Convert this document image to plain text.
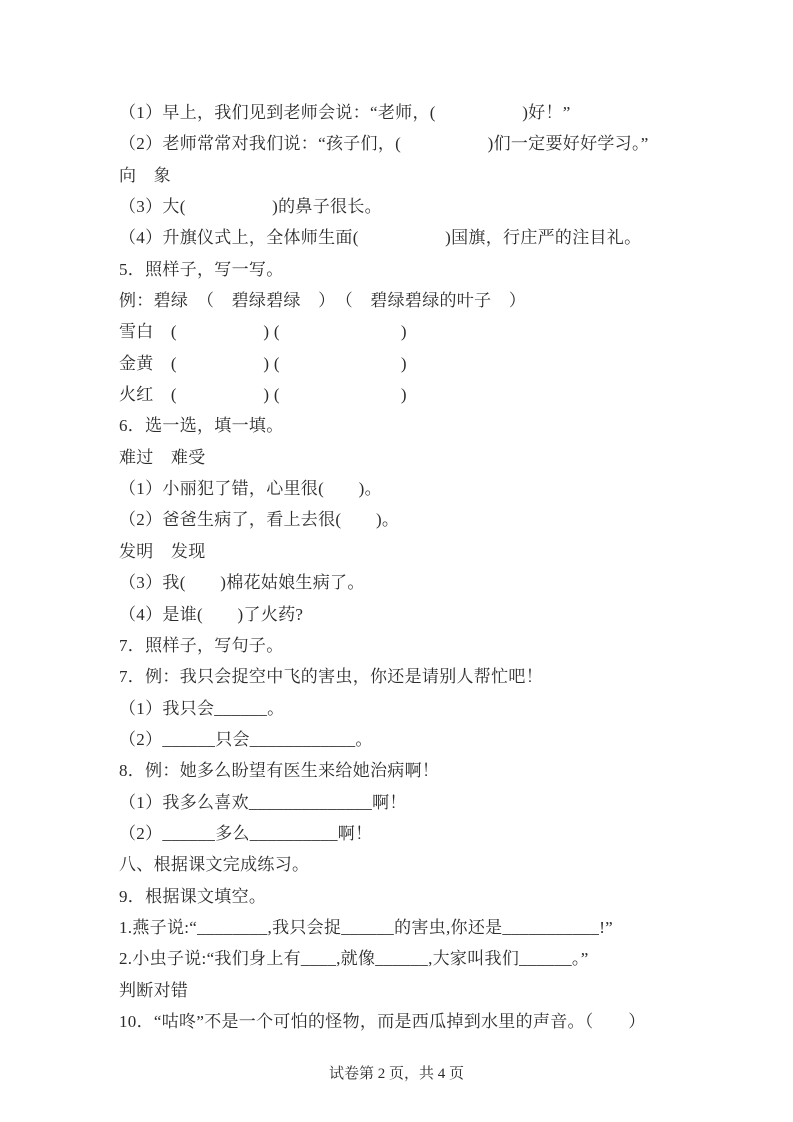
（1）早上，我们见到老师会说：“老师，(　　　　　)好！”
（2）老师常常对我们说：“孩子们，(　　　　　)们一定要好好学习。”
向　象
（3）大(　　　　　)的鼻子很长。
（4）升旗仪式上，全体师生面(　　　　　)国旗，行庄严的注目礼。
5．照样子，写一写。
例：碧绿　（　碧绿碧绿　）　（　碧绿碧绿的叶子　）
雪白　(　　　　　) (　　　　　　　)
金黄　(　　　　　) (　　　　　　　)
火红　(　　　　　) (　　　　　　　)
6．选一选，填一填。
难过　难受
（1）小丽犯了错，心里很(　　)。
（2）爸爸生病了，看上去很(　　)。
发明　发现
（3）我(　　)棉花姑娘生病了。
（4）是谁(　　)了火药?
7．照样子，写句子。
7．例：我只会捉空中飞的害虫，你还是请别人帮忙吧！
（1）我只会______。
（2）______只会____________。
8．例：她多么盼望有医生来给她治病啊！
（1）我多么喜欢______________啊！
（2）______多么__________啊！
八、根据课文完成练习。
9．根据课文填空。
1.燕子说:“________,我只会捉______的害虫,你还是___________!”
2.小虫子说:“我们身上有____,就像______,大家叫我们______。”
判断对错
10．“咕咚”不是一个可怕的怪物，而是西瓜掉到水里的声音。（　　）
试卷第 2 页，共 4 页
